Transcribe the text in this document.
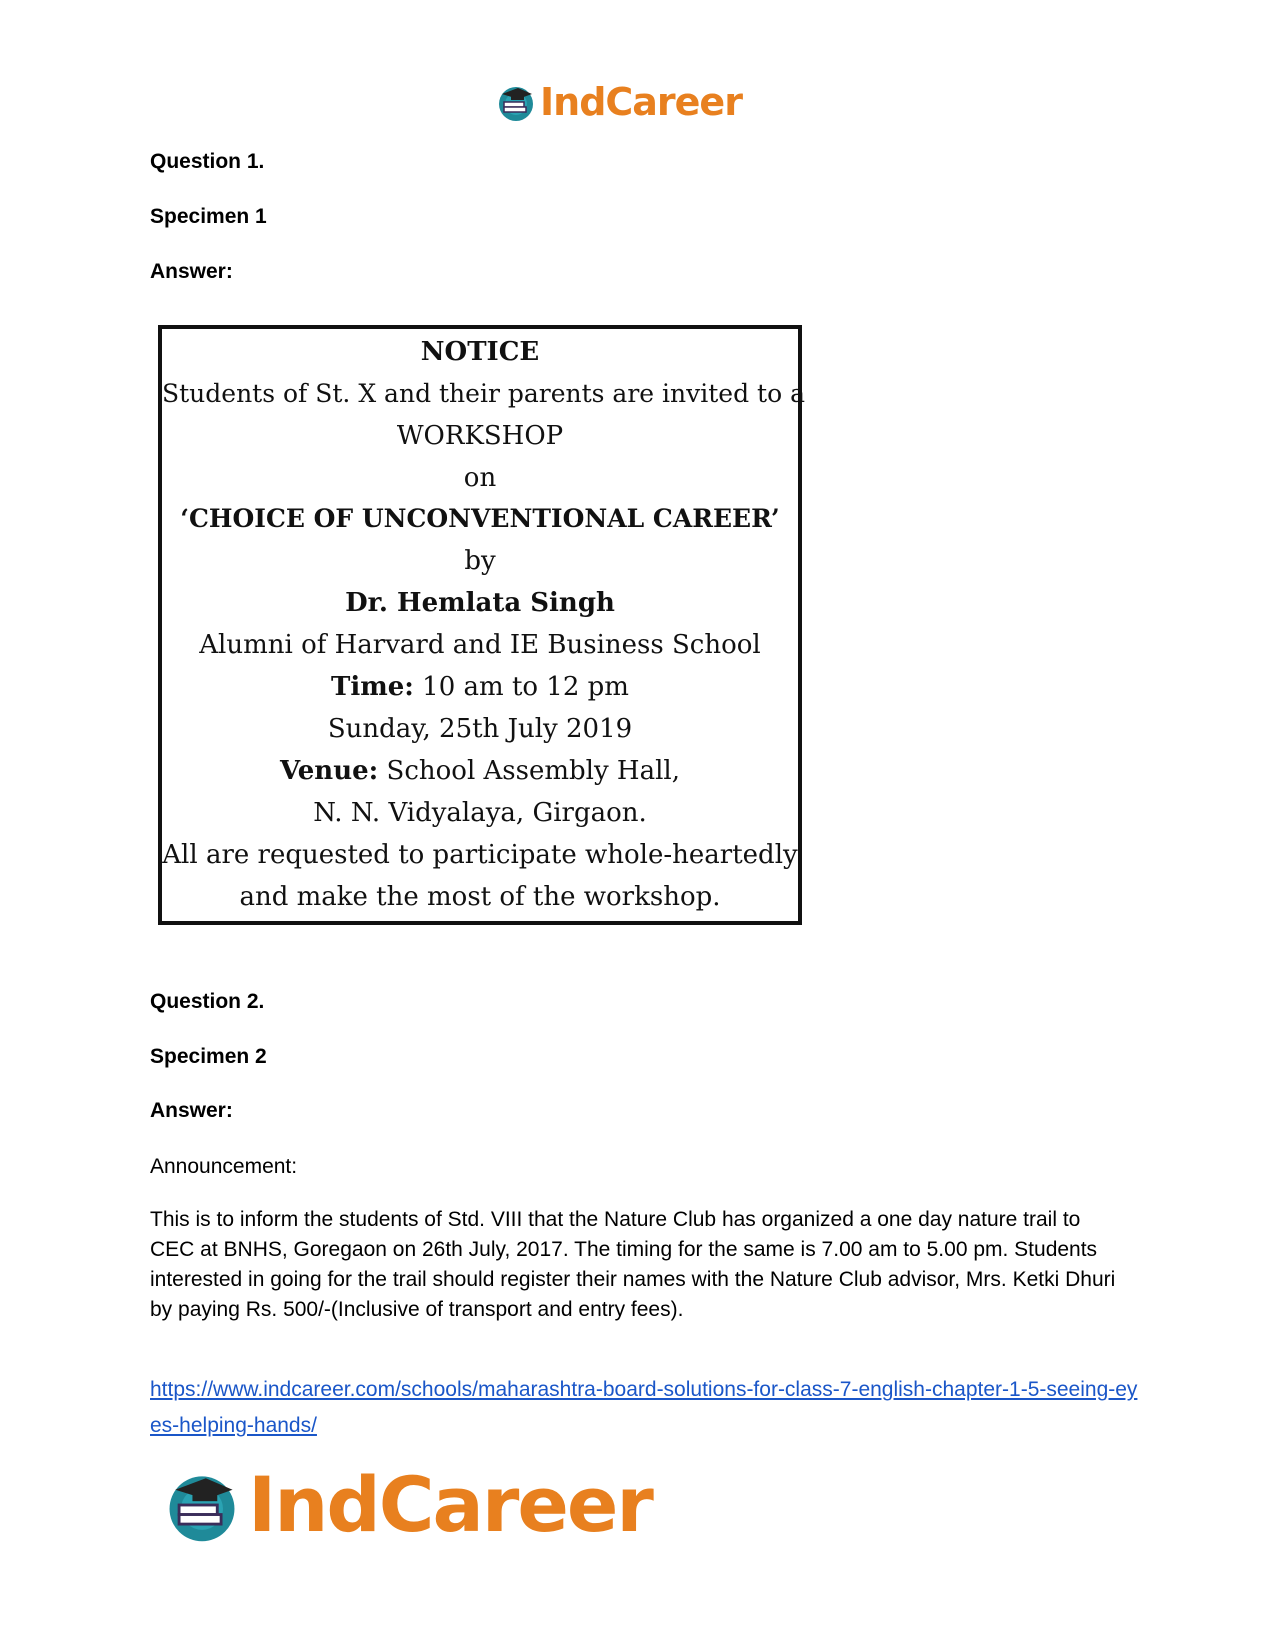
IndCareer
Question 1.
Specimen 1
Answer:
NOTICE
Students of St. X and their parents are invited to a
WORKSHOP
on
‘CHOICE OF UNCONVENTIONAL CAREER’
by
Dr. Hemlata Singh
Alumni of Harvard and IE Business School
Time: 10 am to 12 pm
Sunday, 25th July 2019
Venue: School Assembly Hall,
N. N. Vidyalaya, Girgaon.
All are requested to participate whole-heartedly
and make the most of the workshop.
Question 2.
Specimen 2
Answer:
Announcement:
This is to inform the students of Std. VIII that the Nature Club has organized a one day nature trail to CEC at BNHS, Goregaon on 26th July, 2017. The timing for the same is 7.00 am to 5.00 pm. Students interested in going for the trail should register their names with the Nature Club advisor, Mrs. Ketki Dhuri by paying Rs. 500/-(Inclusive of transport and entry fees).
https://www.indcareer.com/schools/maharashtra-board-solutions-for-class-7-english-chapter-1-5-seeing-eyes-helping-hands/
IndCareer
